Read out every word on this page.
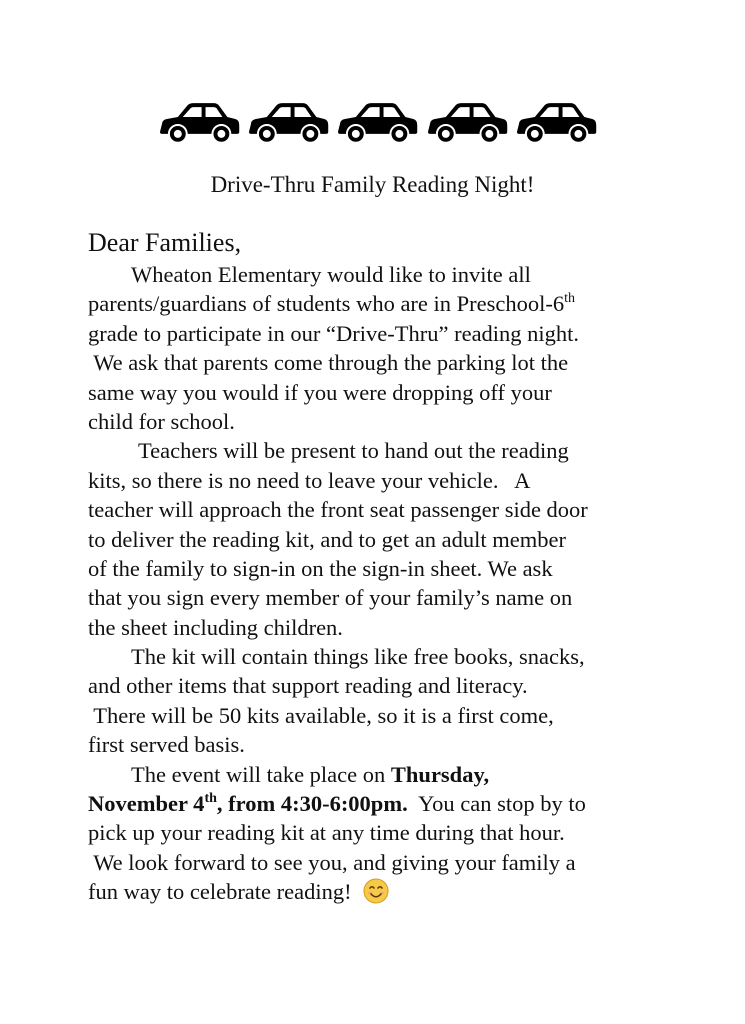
Drive-Thru Family Reading Night!
Dear Families,
Wheaton Elementary would like to invite all
parents/guardians of students who are in Preschool-6th
grade to participate in our “Drive-Thru” reading night.
We ask that parents come through the parking lot the
same way you would if you were dropping off your
child for school.
Teachers will be present to hand out the reading
kits, so there is no need to leave your vehicle.   A
teacher will approach the front seat passenger side door
to deliver the reading kit, and to get an adult member
of the family to sign-in on the sign-in sheet. We ask
that you sign every member of your family’s name on
the sheet including children.
The kit will contain things like free books, snacks,
and other items that support reading and literacy.
There will be 50 kits available, so it is a first come,
first served basis.
The event will take place on Thursday,
November 4th, from 4:30-6:00pm.  You can stop by to
pick up your reading kit at any time during that hour.
We look forward to see you, and giving your family a
fun way to celebrate reading!
